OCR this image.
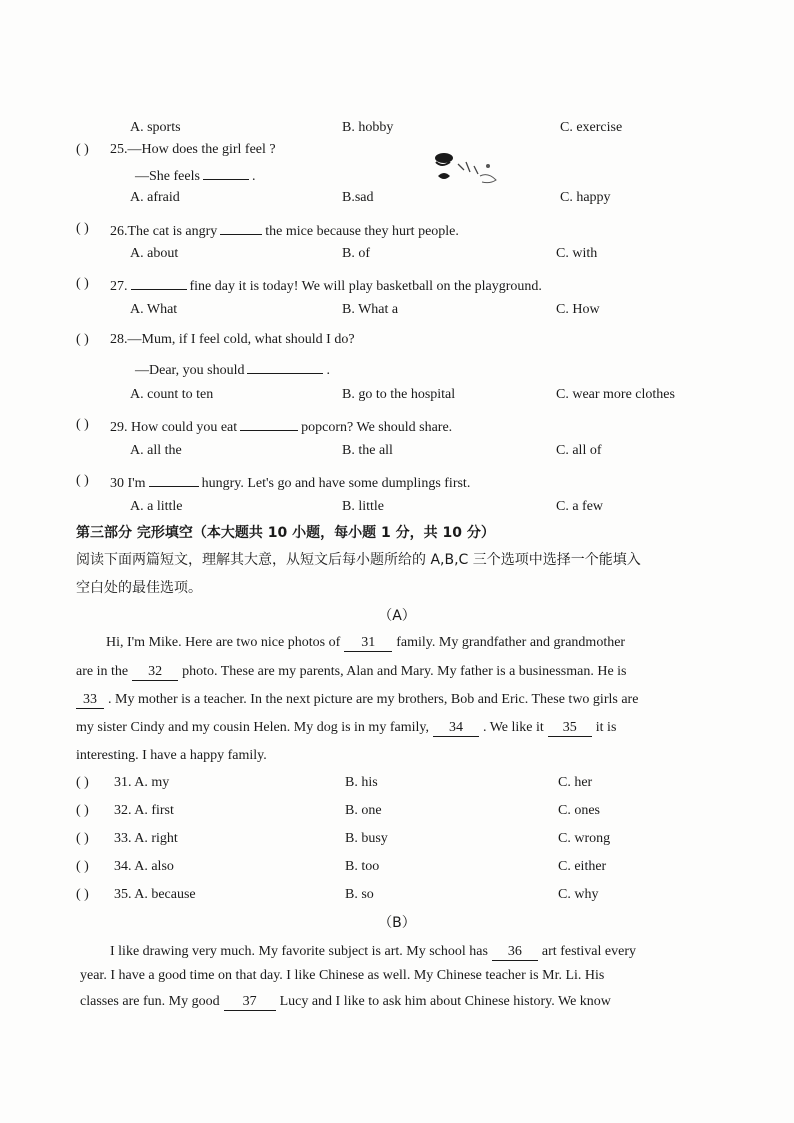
A. sports	B. hobby	C. exercise
( ) 25.—How does the girl feel ?
—She feels	.
A. afraid	B.sad	C. happy
( ) 26.The cat is angry	the mice because they hurt people.
A. about	B. of	C. with
( ) 27.	fine day it is today! We will play basketball on the playground.
A. What	B. What a	C. How
( ) 28.—Mum, if I feel cold, what should I do?
—Dear, you should	.
A. count to ten	B. go to the hospital	C. wear more clothes
( ) 29. How could you eat	popcorn? We should share.
A. all the	B. the all	C. all of
( ) 30 I'm	hungry. Let's go and have some dumplings first.
A. a little	B. little	C. a few
第三部分 完形填空（本大题共 10 小题，每小题 1 分，共 10 分）
阅读下面两篇短文，理解其大意，从短文后每小题所给的 A,B,C 三个选项中选择一个能填入
空白处的最佳选项。
（A）
Hi, I'm Mike. Here are two nice photos of 31 family. My grandfather and grandmother
are in the 32 photo. These are my parents, Alan and Mary. My father is a businessman. He is
33 . My mother is a teacher. In the next picture are my brothers, Bob and Eric. These two girls are
my sister Cindy and my cousin Helen. My dog is in my family, 34 . We like it 35 it is
interesting. I have a happy family.
( ) 31. A. my	B. his	C. her
( ) 32. A. first	B. one	C. ones
( ) 33. A. right	B. busy	C. wrong
( ) 34. A. also	B. too	C. either
( ) 35. A. because	B. so	C. why
（B）
I like drawing very much. My favorite subject is art. My school has 36 art festival every
year. I have a good time on that day. I like Chinese as well. My Chinese teacher is Mr. Li. His
classes are fun. My good 37 Lucy and I like to ask him about Chinese history. We know
